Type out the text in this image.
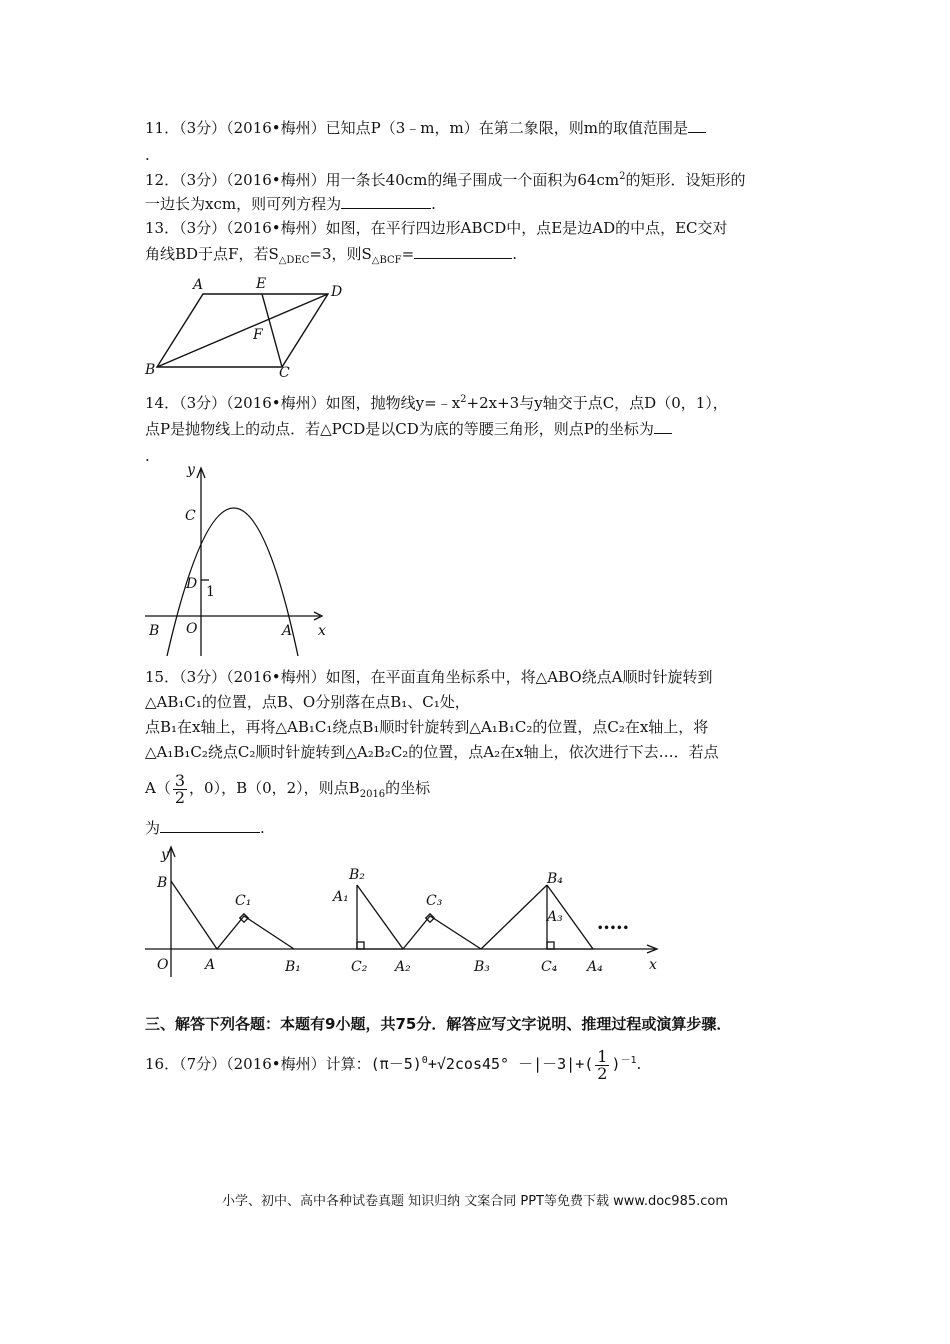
11．（3分）（2016•梅州）已知点P（3﹣m，m）在第二象限，则m的取值范围是
.
12．（3分）（2016•梅州）用一条长40cm的绳子围成一个面积为$64cm^2$的矩形．设矩形的
一边长为xcm，则可列方程为	.
13．（3分）（2016•梅州）如图，在平行四边形ABCD中，点E是边AD的中点，EC交对
角线BD于点F，若$S_{\triangle DEC}=3$，则$S_{\triangle BCF}=$	.
A	E	D
F
B	C
14．（3分）（2016•梅州）如图，抛物线$y=﹣x^2+2x+3$与y轴交于点C，点D（0，1），
点P是抛物线上的动点．若△PCD是以CD为底的等腰三角形，则点P的坐标为
.
y
C
D 1
B O	A x
15．（3分）（2016•梅州）如图，在平面直角坐标系中，将△ABO绕点A顺时针旋转到
△AB₁C₁的位置，点B、O分别落在点B₁、C₁处，
点B₁在x轴上，再将△AB₁C₁绕点B₁顺时针旋转到△A₁B₁C₂的位置，点C₂在x轴上，将
△A₁B₁C₂绕点C₂顺时针旋转到△A₂B₂C₂的位置，点A₂在x轴上，依次进行下去…．若点
$A( \frac{3}{2}$ ，0），B（0，2），则点$B_{2016}$的坐标
为	.
y
x
B
O	A
C₁
B₁
A₁
B₂
C₂ A₂
C₃
B₃
B₄
A₃
C₄ A₄
•••••
三、解答下列各题：本题有9小题，共75分．解答应写文字说明、推理过程或演算步骤．
16．（7分）（2016•梅州）计算：$(\pi-5)^0+√2\cos 45^\circ -|-3|+( \frac{1}{2} )^{-1}$.
小学、初中、高中各种试卷真题 知识归纳 文案合同 PPT等免费下载 www.doc985.com
